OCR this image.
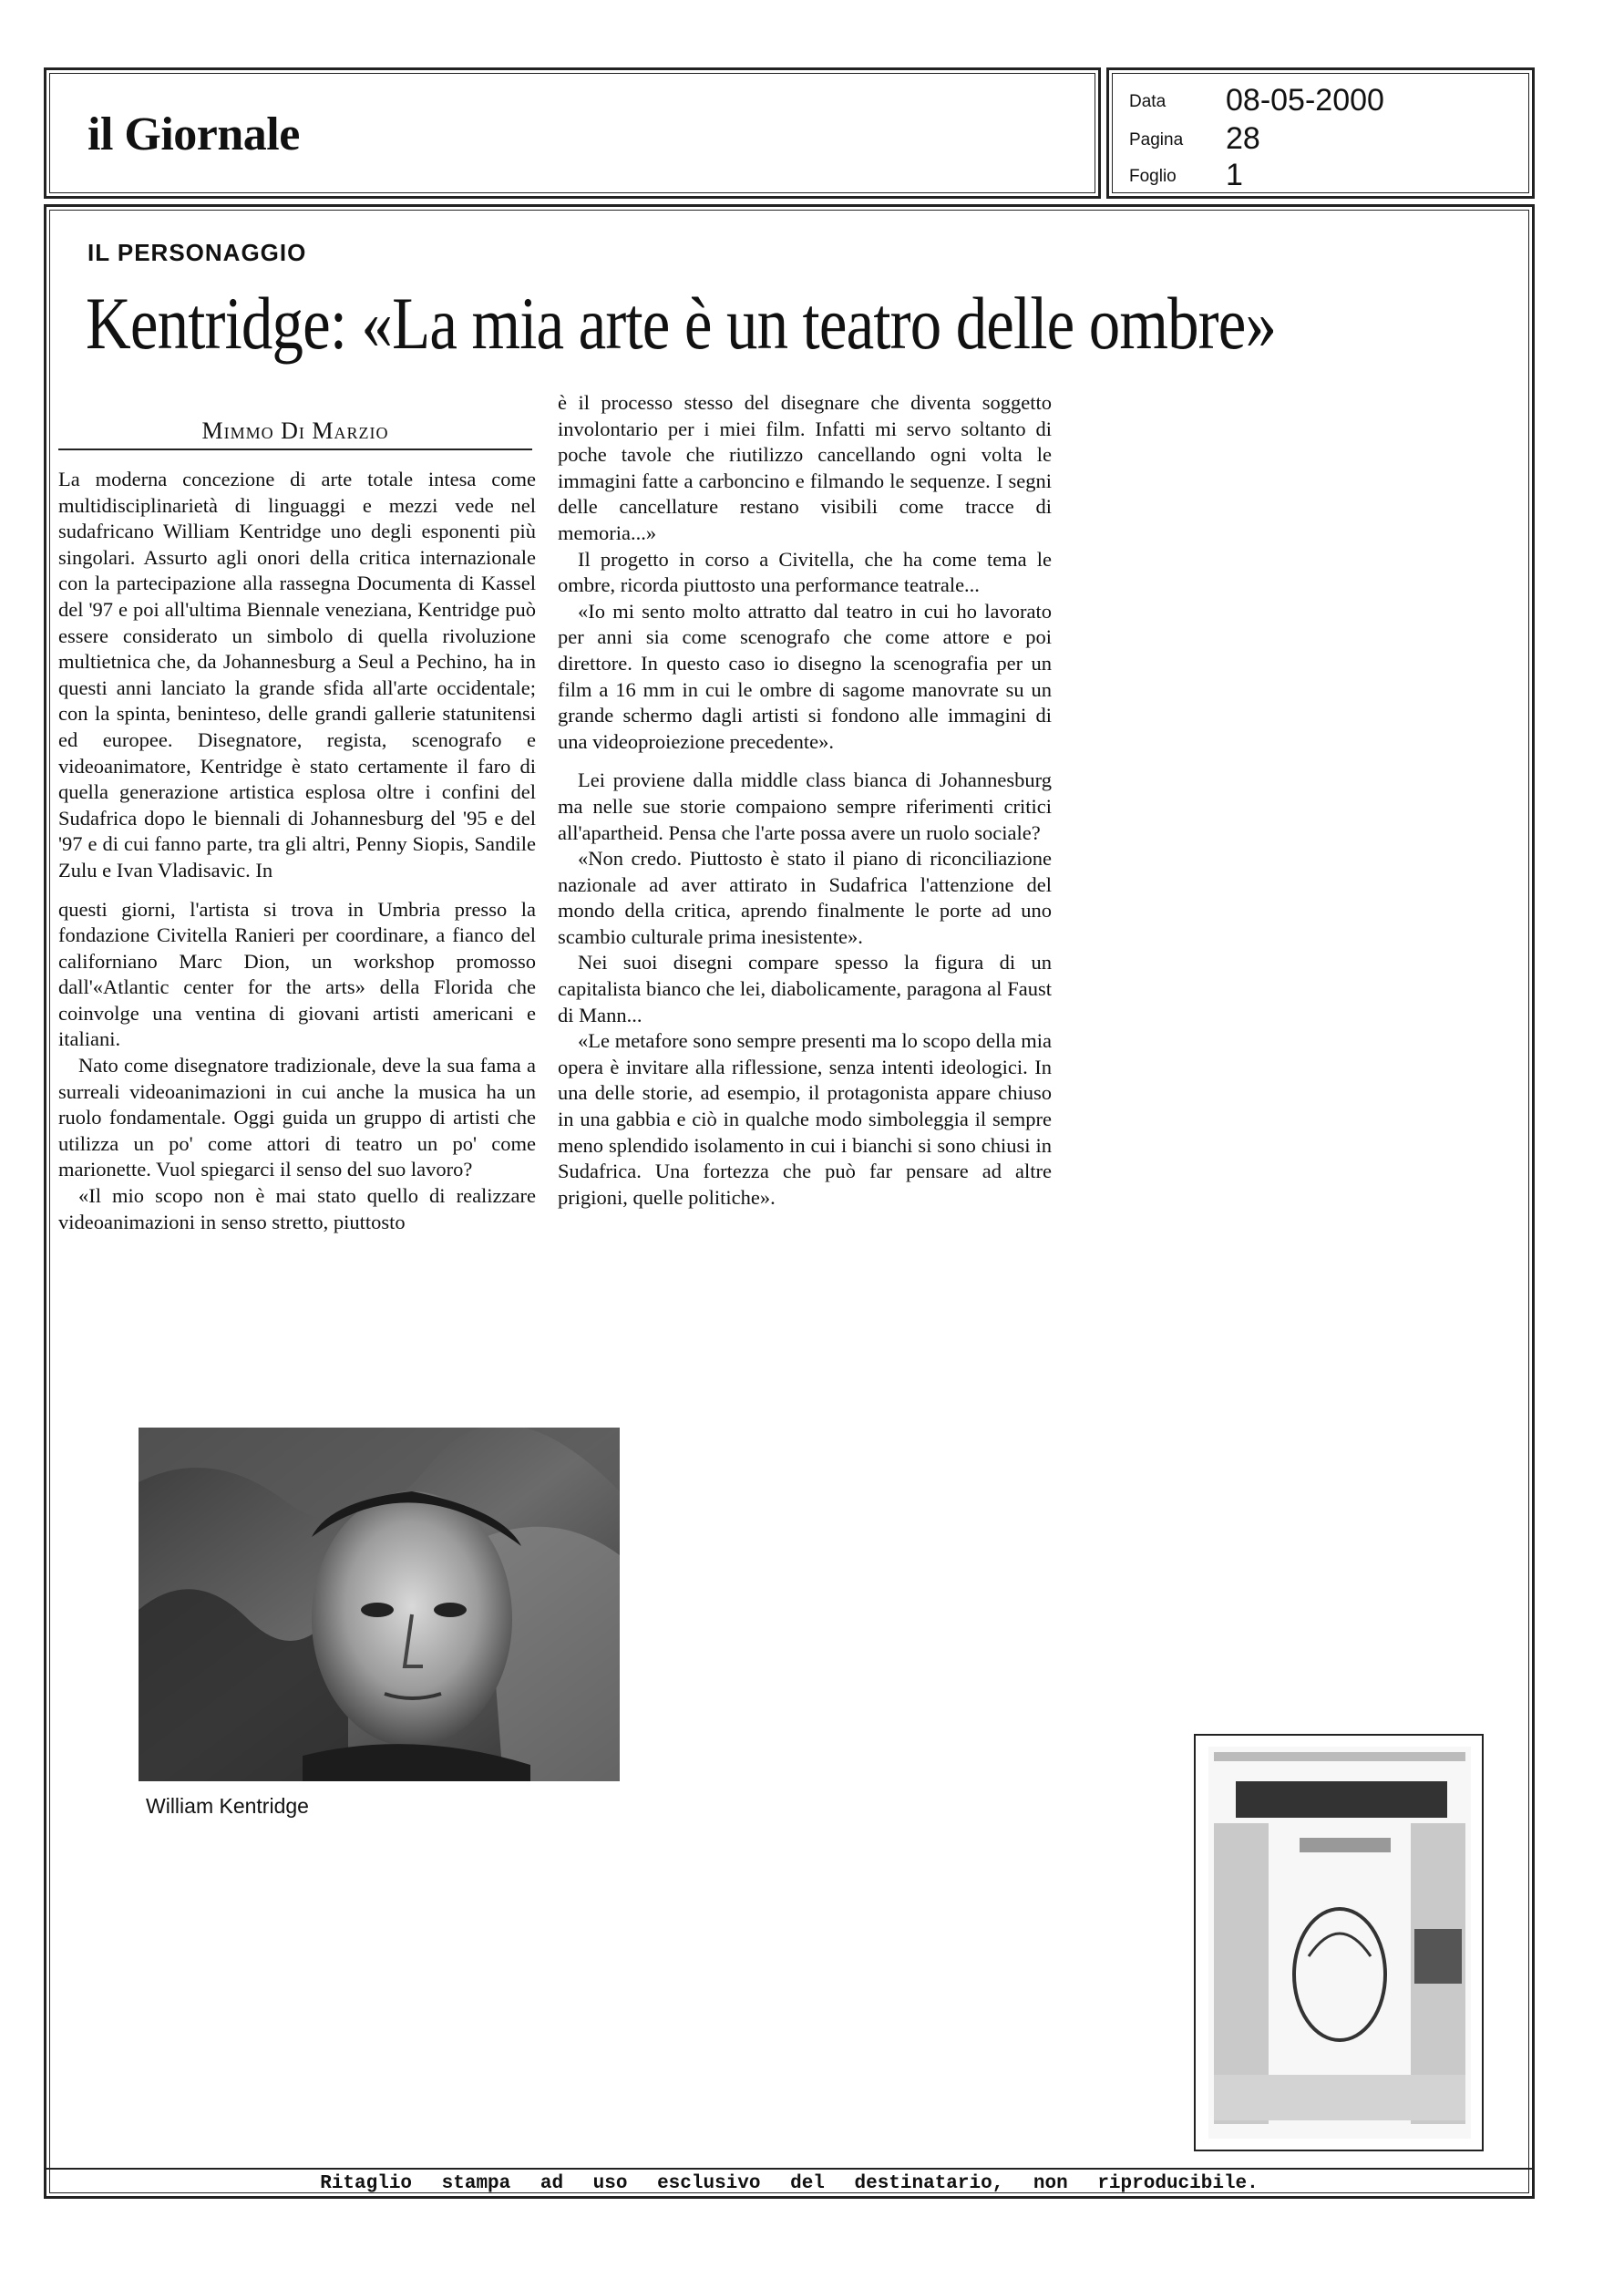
il Giornale
Data	08-05-2000
Pagina	28
Foglio	1
IL PERSONAGGIO
Kentridge: «La mia arte è un teatro delle ombre»
Mimmo Di Marzio

La moderna concezione di arte totale intesa come multidisciplinarietà di linguaggi e mezzi vede nel sudafricano William Kentridge uno degli esponenti più singolari. Assurto agli onori della critica internazionale con la partecipazione alla rassegna Documenta di Kassel del '97 e poi all'ultima Biennale veneziana, Kentridge può essere considerato un simbolo di quella rivoluzione multietnica che, da Johannesburg a Seul a Pechino, ha in questi anni lanciato la grande sfida all'arte occidentale; con la spinta, beninteso, delle grandi gallerie statunitensi ed europee. Disegnatore, regista, scenografo e videoanimatore, Kentridge è stato certamente il faro di quella generazione artistica esplosa oltre i confini del Sudafrica dopo le biennali di Johannesburg del '95 e del '97 e di cui fanno parte, tra gli altri, Penny Siopis, Sandile Zulu e Ivan Vladisavic. In

questi giorni, l'artista si trova in Umbria presso la fondazione Civitella Ranieri per coordinare, a fianco del californiano Marc Dion, un workshop promosso dall'«Atlantic center for the arts» della Florida che coinvolge una ventina di giovani artisti americani e italiani.

Nato come disegnatore tradizionale, deve la sua fama a surreali videoanimazioni in cui anche la musica ha un ruolo fondamentale. Oggi guida un gruppo di artisti che utilizza un po' come attori di teatro un po' come marionette. Vuol spiegarci il senso del suo lavoro?

«Il mio scopo non è mai stato quello di realizzare videoanimazioni in senso stretto, piuttosto

è il processo stesso del disegnare che diventa soggetto involontario per i miei film. Infatti mi servo soltanto di poche tavole che riutilizzo cancellando ogni volta le immagini fatte a carboncino e filmando le sequenze. I segni delle cancellature restano visibili come tracce di memoria...»

Il progetto in corso a Civitella, che ha come tema le ombre, ricorda piuttosto una performance teatrale...

«Io mi sento molto attratto dal teatro in cui ho lavorato per anni sia come scenografo che come attore e poi direttore. In questo caso io disegno la scenografia per un film a 16 mm in cui le ombre di sagome manovrate su un grande schermo dagli artisti si fondono alle immagini di una videoproiezione precedente».

Lei proviene dalla middle class bianca di Johannesburg ma nelle sue storie compaiono sempre riferimenti critici all'apartheid. Pensa che l'arte possa avere un ruolo sociale?

«Non credo. Piuttosto è stato il piano di riconciliazione nazionale ad aver attirato in Sudafrica l'attenzione del mondo della critica, aprendo finalmente le porte ad uno scambio culturale prima inesistente».

Nei suoi disegni compare spesso la figura di un capitalista bianco che lei, diabolicamente, paragona al Faust di Mann...

«Le metafore sono sempre presenti ma lo scopo della mia opera è invitare alla riflessione, senza intenti ideologici. In una delle storie, ad esempio, il protagonista appare chiuso in una gabbia e ciò in qualche modo simboleggia il sempre meno splendido isolamento in cui i bianchi si sono chiusi in Sudafrica. Una fortezza che può far pensare ad altre prigioni, quelle politiche».

William Kentridge
Ritaglio stampa ad uso esclusivo del destinatario, non riproducibile.
